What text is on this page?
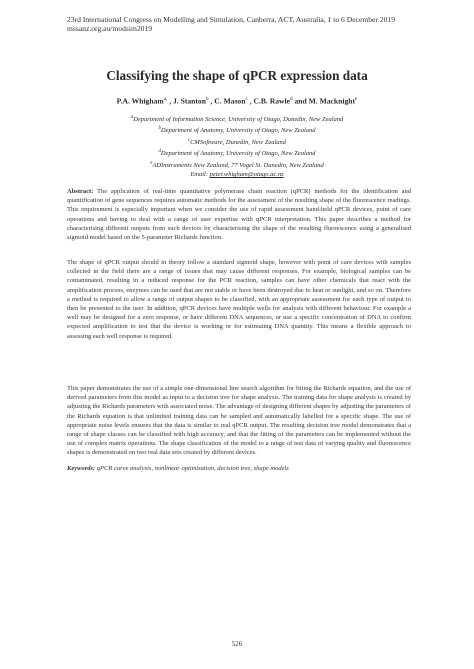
23rd International Congress on Modelling and Simulation, Canberra, ACT, Australia, 1 to 6 December 2019
mssanz.org.au/modsim2019
Classifying the shape of qPCR expression data
P.A. Whigham$^{a,}$ , J. Stanton$^b$ , C. Mason$^c$ , C.B. Rawle$^d$ and M. Macknight$^e$
$^a$Department of Information Science, University of Otago, Dunedin, New Zealand
$^b$Department of Anatomy, University of Otago, New Zealand
$^c$CMSoftware, Dunedin, New Zealand
$^d$Department of Anatomy, University of Otago, New Zealand
$^e$ADInstruments New Zealand, 77 Vogel St. Dunedin, New Zealand
Email: peter.whigham@otago.ac.nz
Abstract: The application of real-time quantitative polymerase chain reaction (qPCR) methods for the identification and quantification of gene sequences requires automatic methods for the assessment of the resulting shape of the fluorescence readings. This requirement is especially important when we consider the use of rapid assessment hand-held qPCR devices, point of care operations and having to deal with a range of user expertise with qPCR interpretation. This paper describes a method for characterising different outputs from such devices by characterising the shape of the resulting fluorescence using a generalised sigmoid model based on the 5-parameter Richards function.
The shape of qPCR output should in theory follow a standard sigmoid shape, however with point of care devices with samples collected in the field there are a range of issues that may cause different responses. For example, biological samples can be contaminated, resulting in a reduced response for the PCR reaction, samples can have other chemicals that react with the amplification process, enzymes can be used that are not stable or have been destroyed due to heat or sunlight, and so on. Therefore a method is required to allow a range of output shapes to be classified, with an appropriate assessment for each type of output to then be presented to the user. In addition, qPCR devices have multiple wells for analysis with different behaviour. For example a well may be designed for a zero response, or have different DNA sequences, or use a specific concentration of DNA to confirm expected amplification to test that the device is working or for estimating DNA quantity. This means a flexible approach to assessing each well response is required.
This paper demonstrates the use of a simple one-dimensional line search algorithm for fitting the Richards equation, and the use of derived parameters from this model as input to a decision tree for shape analysis. The training data for shape analysis is created by adjusting the Richards parameters with associated noise. The advantage of designing different shapes by adjusting the parameters of the Richards equation is that unlimited training data can be sampled and automatically labelled for a specific shape. The use of appropriate noise levels ensures that the data is similar to real qPCR output. The resulting decision tree model demonstrates that a range of shape classes can be classified with high accuracy, and that the fitting of the parameters can be implemented without the use of complex matrix operations. The shape classification of the model to a range of test data of varying quality and fluorescence shapes is demonstrated on two real data sets created by different devices.
Keywords: qPCR curve analysis, nonlinear optimization, decision tree, shape models
526
